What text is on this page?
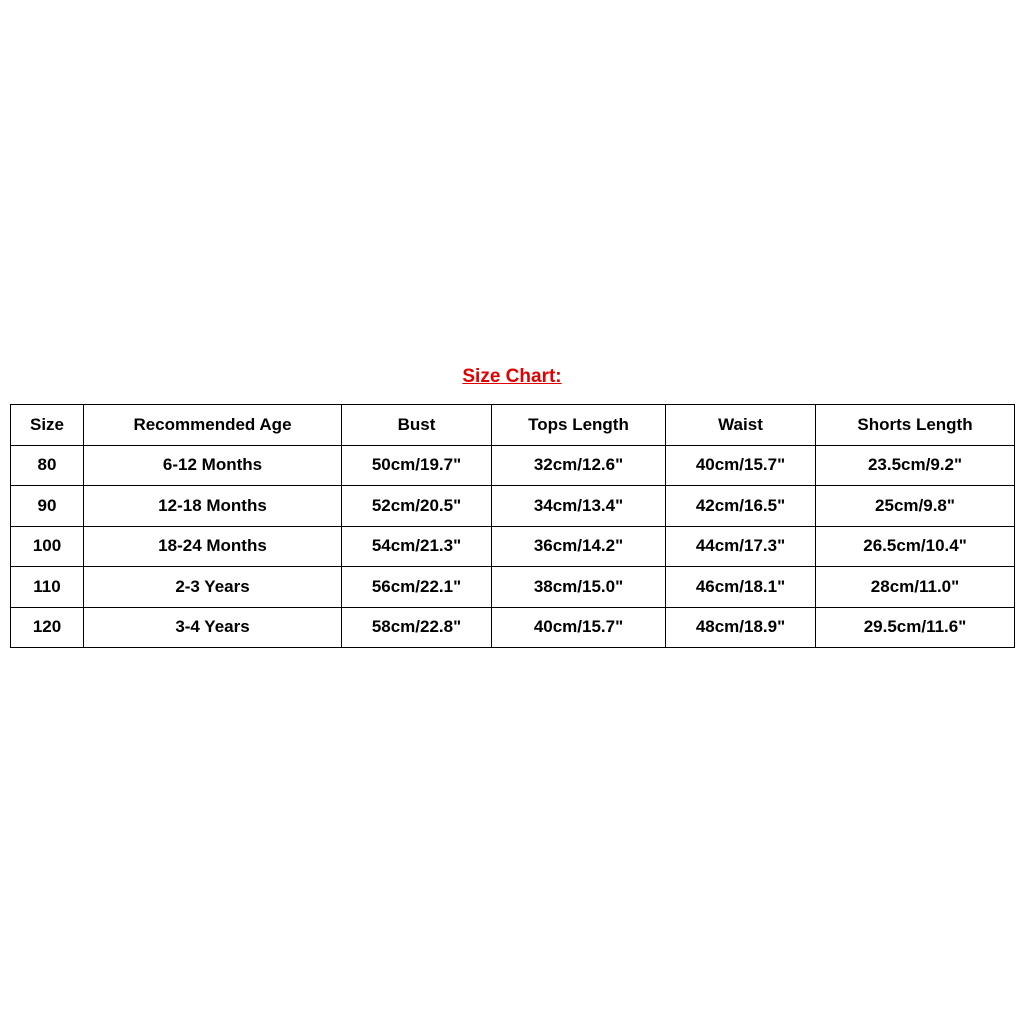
Size Chart:
Size	Recommended Age	Bust	Tops Length	Waist	Shorts Length
80	6-12 Months	50cm/19.7"	32cm/12.6"	40cm/15.7"	23.5cm/9.2"
90	12-18 Months	52cm/20.5"	34cm/13.4"	42cm/16.5"	25cm/9.8"
100	18-24 Months	54cm/21.3"	36cm/14.2"	44cm/17.3"	26.5cm/10.4"
110	2-3 Years	56cm/22.1"	38cm/15.0"	46cm/18.1"	28cm/11.0"
120	3-4 Years	58cm/22.8"	40cm/15.7"	48cm/18.9"	29.5cm/11.6"
